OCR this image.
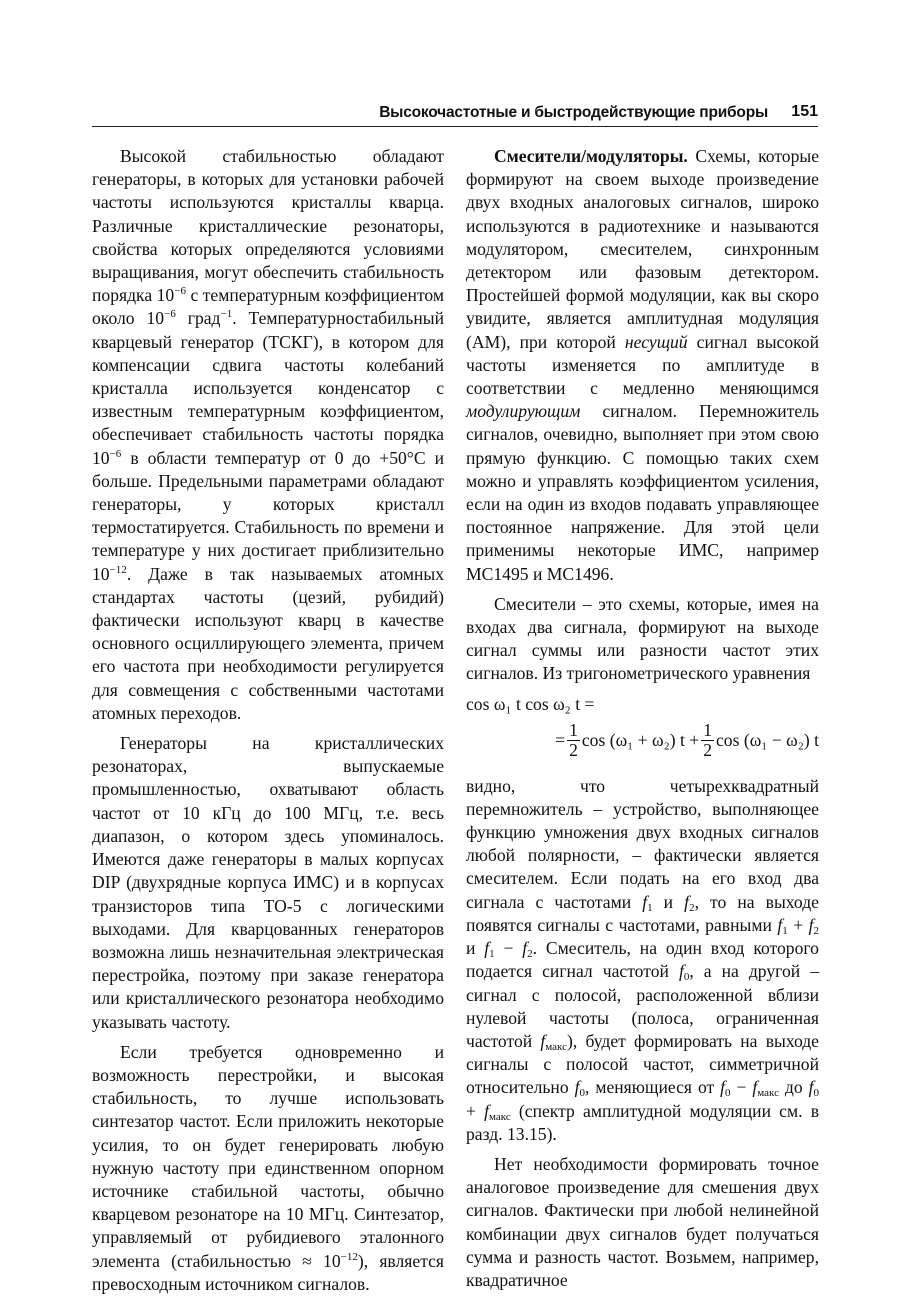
Высокочастотные и быстродействующие приборы 151

Высокой стабильностью обладают генераторы, в которых для установки рабочей частоты используются кристаллы кварца. Различные кристаллические резонаторы, свойства которых определяются условиями выращивания, могут обеспечить стабильность порядка $10^{-6}$ с температурным коэффициентом около $10^{-6}$ град$^{-1}$. Температурностабильный кварцевый генератор (ТСКГ), в котором для компенсации сдвига частоты колебаний кристалла используется конденсатор с известным температурным коэффициентом, обеспечивает стабильность частоты порядка $10^{-6}$ в области температур от 0 до +50°С и больше. Предельными параметрами обладают генераторы, у которых кристалл термостатируется. Стабильность по времени и температуре у них достигает приблизительно $10^{-12}$. Даже в так называемых атомных стандартах частоты (цезий, рубидий) фактически используют кварц в качестве основного осциллирующего элемента, причем его частота при необходимости регулируется для совмещения с собственными частотами атомных переходов.

Генераторы на кристаллических резонаторах, выпускаемые промышленностью, охватывают область частот от 10 кГц до 100 МГц, т.е. весь диапазон, о котором здесь упоминалось. Имеются даже генераторы в малых корпусах DIP (двухрядные корпуса ИМС) и в корпусах транзисторов типа ТО-5 с логическими выходами. Для кварцованных генераторов возможна лишь незначительная электрическая перестройка, поэтому при заказе генератора или кристаллического резонатора необходимо указывать частоту.

Если требуется одновременно и возможность перестройки, и высокая стабильность, то лучше использовать синтезатор частот. Если приложить некоторые усилия, то он будет генерировать любую нужную частоту при единственном опорном источнике стабильной частоты, обычно кварцевом резонаторе на 10 МГц. Синтезатор, управляемый от рубидиевого эталонного элемента (стабильностью ≈ $10^{-12}$), является превосходным источником сигналов.

Смесители/модуляторы. Схемы, которые формируют на своем выходе произведение двух входных аналоговых сигналов, широко используются в радиотехнике и называются модулятором, смесителем, синхронным детектором или фазовым детектором. Простейшей формой модуляции, как вы скоро увидите, является амплитудная модуляция (АМ), при которой несущий сигнал высокой частоты изменяется по амплитуде в соответствии с медленно меняющимся модулирующим сигналом. Перемножитель сигналов, очевидно, выполняет при этом свою прямую функцию. С помощью таких схем можно и управлять коэффициентом усиления, если на один из входов подавать управляющее постоянное напряжение. Для этой цели применимы некоторые ИМС, например МС1495 и МС1496.

Смесители – это схемы, которые, имея на входах два сигнала, формируют на выходе сигнал суммы или разности частот этих сигналов. Из тригонометрического уравнения

cos ω₁ t cos ω₂ t =
= $\frac{1}{2}$ cos (ω₁ + ω₂) $t + \frac{1}{2}$ cos (ω₁ − ω₂) t

видно, что четырехквадратный перемножитель – устройство, выполняющее функцию умножения двух входных сигналов любой полярности, – фактически является смесителем. Если подать на его вход два сигнала с частотами $f_1$ и $f_2$, то на выходе появятся сигналы с частотами, равными $f_1 + f_2$ и $f_1 - f_2$. Смеситель, на один вход которого подается сигнал частотой $f_0$, а на другой – сигнал с полосой, расположенной вблизи нулевой частоты (полоса, ограниченная частотой $f_{макс}$), будет формировать на выходе сигналы с полосой частот, симметричной относительно $f_0$, меняющиеся от $f_0 - f_{макс}$ до $f_0 + f_{макс}$ (спектр амплитудной модуляции см. в разд. 13.15).

Нет необходимости формировать точное аналоговое произведение для смешения двух сигналов. Фактически при любой нелинейной комбинации двух сигналов будет получаться сумма и разность частот. Возьмем, например, квадратичное
